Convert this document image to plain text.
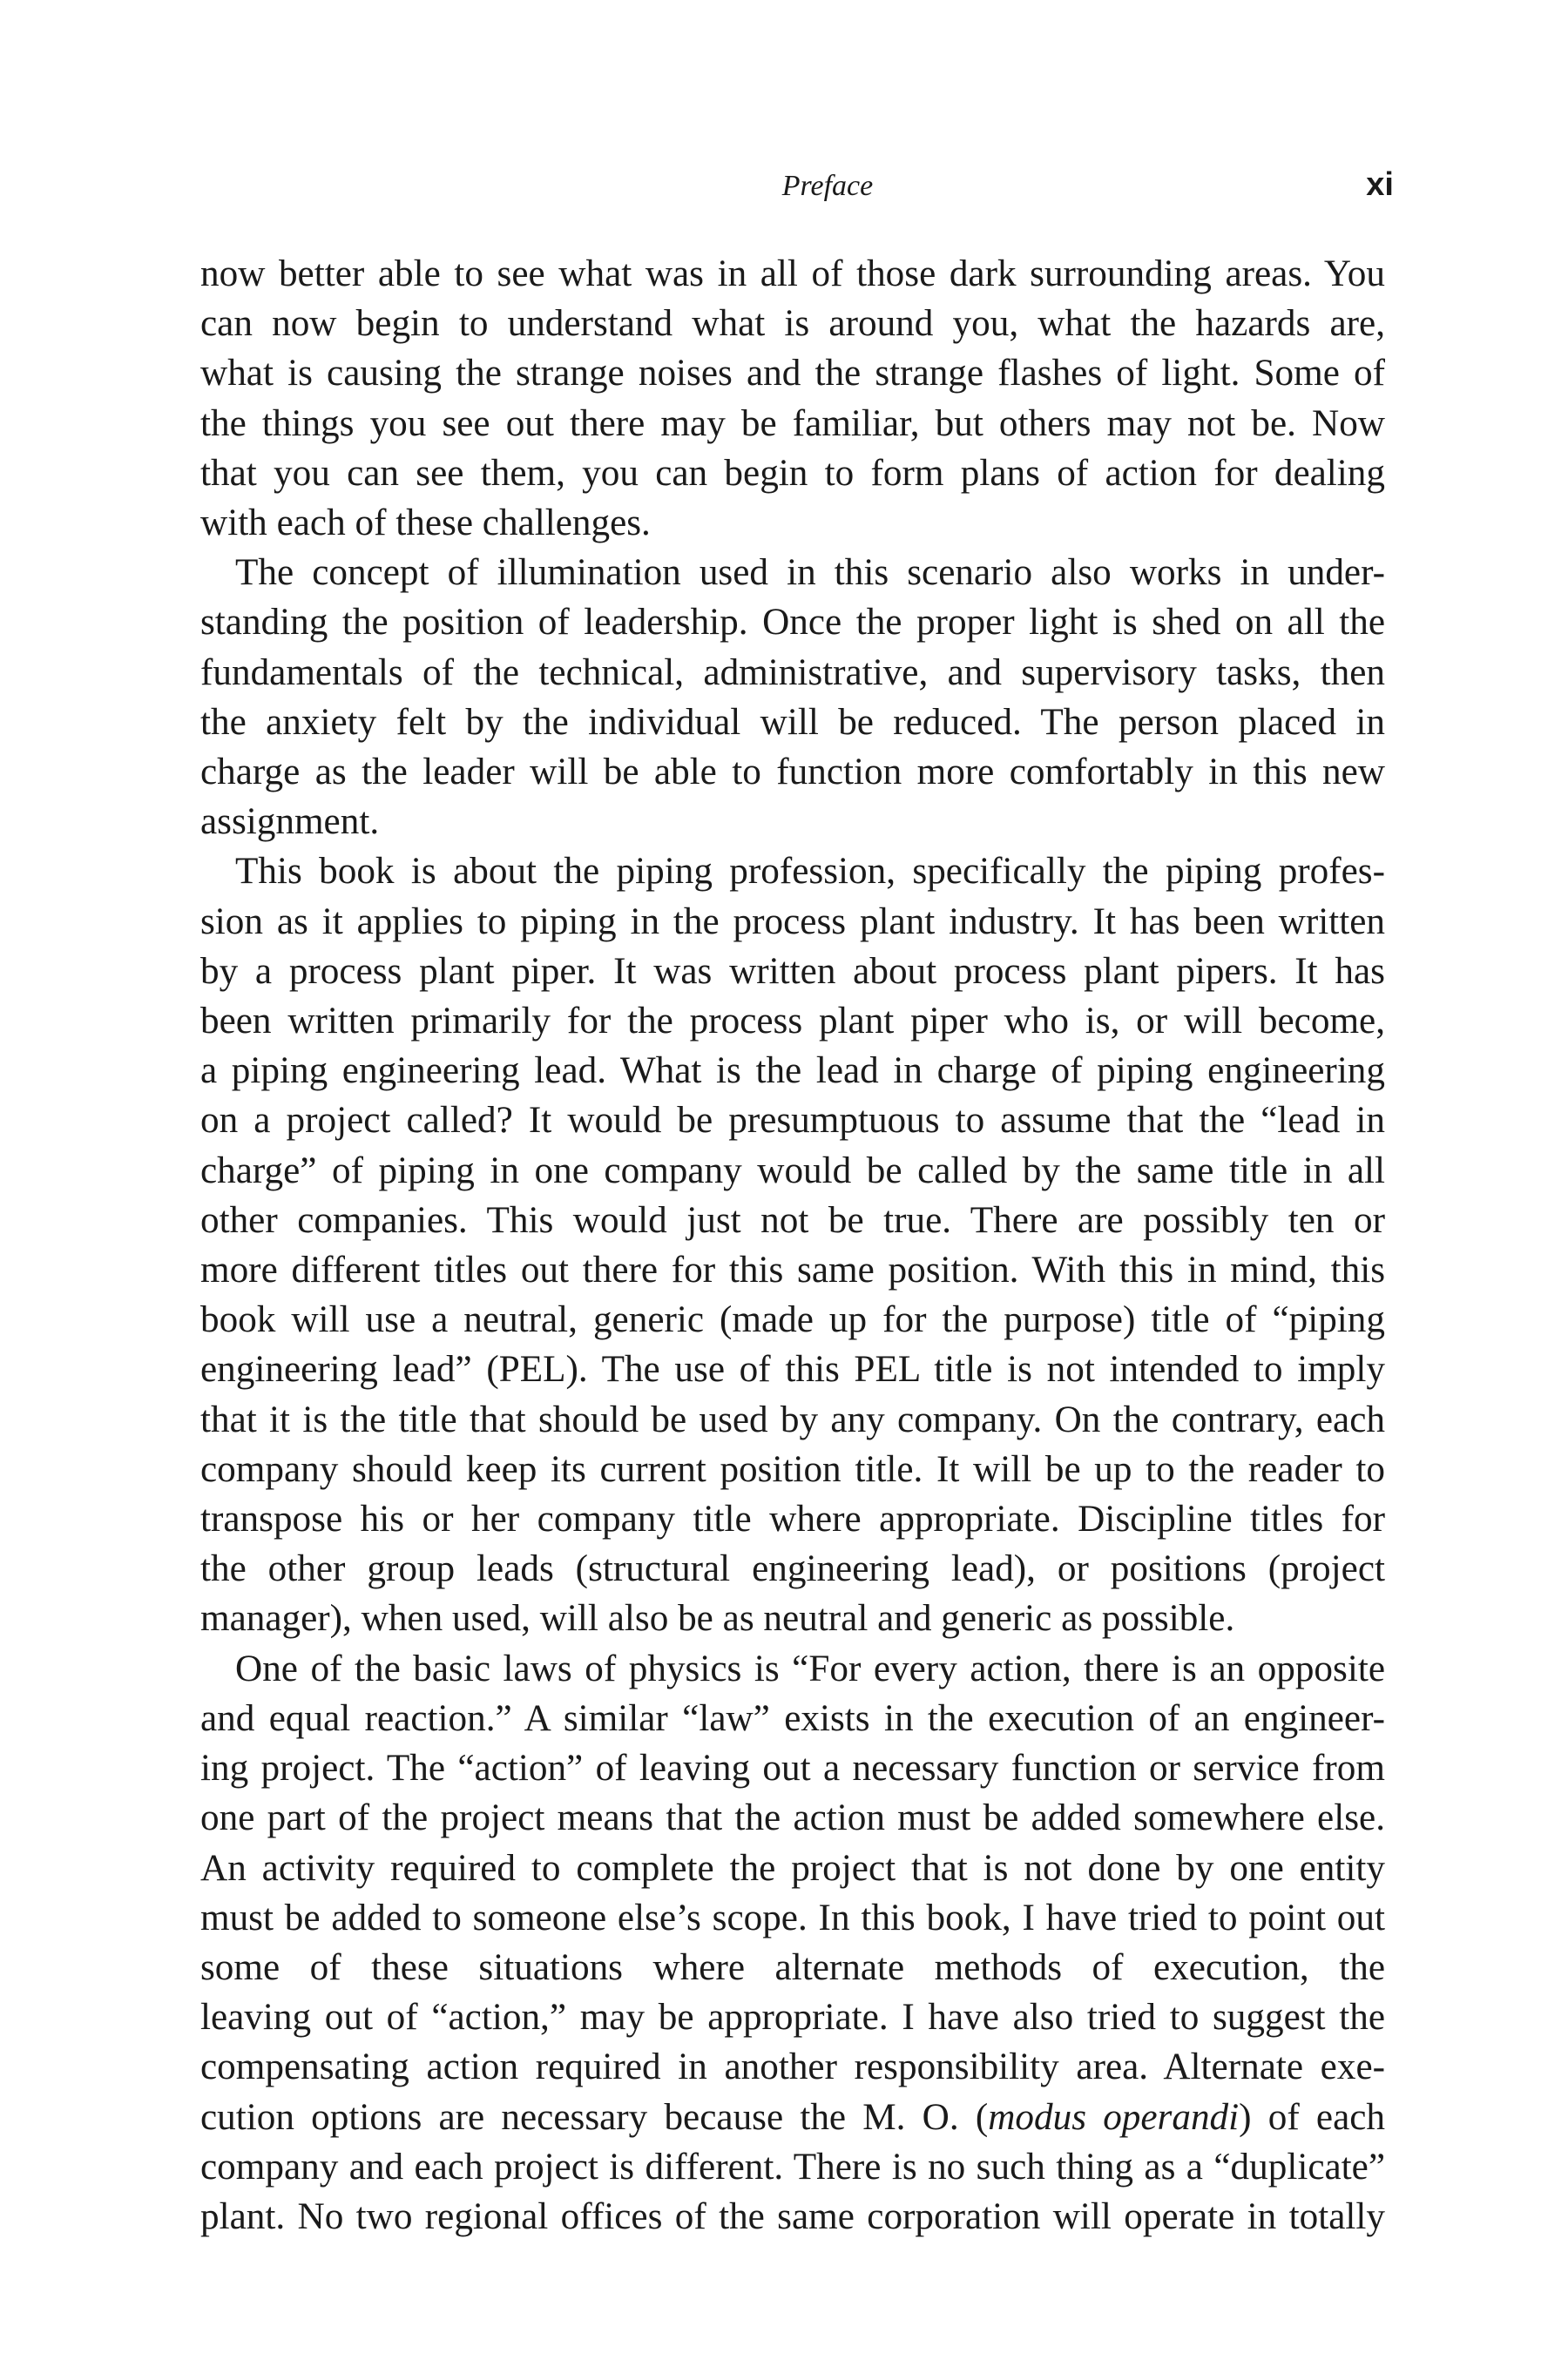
Preface	xi

now better able to see what was in all of those dark surrounding areas. You
can now begin to understand what is around you, what the hazards are,
what is causing the strange noises and the strange flashes of light. Some of
the things you see out there may be familiar, but others may not be. Now
that you can see them, you can begin to form plans of action for dealing
with each of these challenges.

The concept of illumination used in this scenario also works in under-
standing the position of leadership. Once the proper light is shed on all the
fundamentals of the technical, administrative, and supervisory tasks, then
the anxiety felt by the individual will be reduced. The person placed in
charge as the leader will be able to function more comfortably in this new
assignment.

This book is about the piping profession, specifically the piping profes-
sion as it applies to piping in the process plant industry. It has been written
by a process plant piper. It was written about process plant pipers. It has
been written primarily for the process plant piper who is, or will become,
a piping engineering lead. What is the lead in charge of piping engineering
on a project called? It would be presumptuous to assume that the “lead in
charge” of piping in one company would be called by the same title in all
other companies. This would just not be true. There are possibly ten or
more different titles out there for this same position. With this in mind, this
book will use a neutral, generic (made up for the purpose) title of “piping
engineering lead” (PEL). The use of this PEL title is not intended to imply
that it is the title that should be used by any company. On the contrary, each
company should keep its current position title. It will be up to the reader to
transpose his or her company title where appropriate. Discipline titles for
the other group leads (structural engineering lead), or positions (project
manager), when used, will also be as neutral and generic as possible.

One of the basic laws of physics is “For every action, there is an opposite
and equal reaction.” A similar “law” exists in the execution of an engineer-
ing project. The “action” of leaving out a necessary function or service from
one part of the project means that the action must be added somewhere else.
An activity required to complete the project that is not done by one entity
must be added to someone else’s scope. In this book, I have tried to point out
some of these situations where alternate methods of execution, the
leaving out of “action,” may be appropriate. I have also tried to suggest the
compensating action required in another responsibility area. Alternate exe-
cution options are necessary because the M. O. (modus operandi) of each
company and each project is different. There is no such thing as a “duplicate”
plant. No two regional offices of the same corporation will operate in totally
